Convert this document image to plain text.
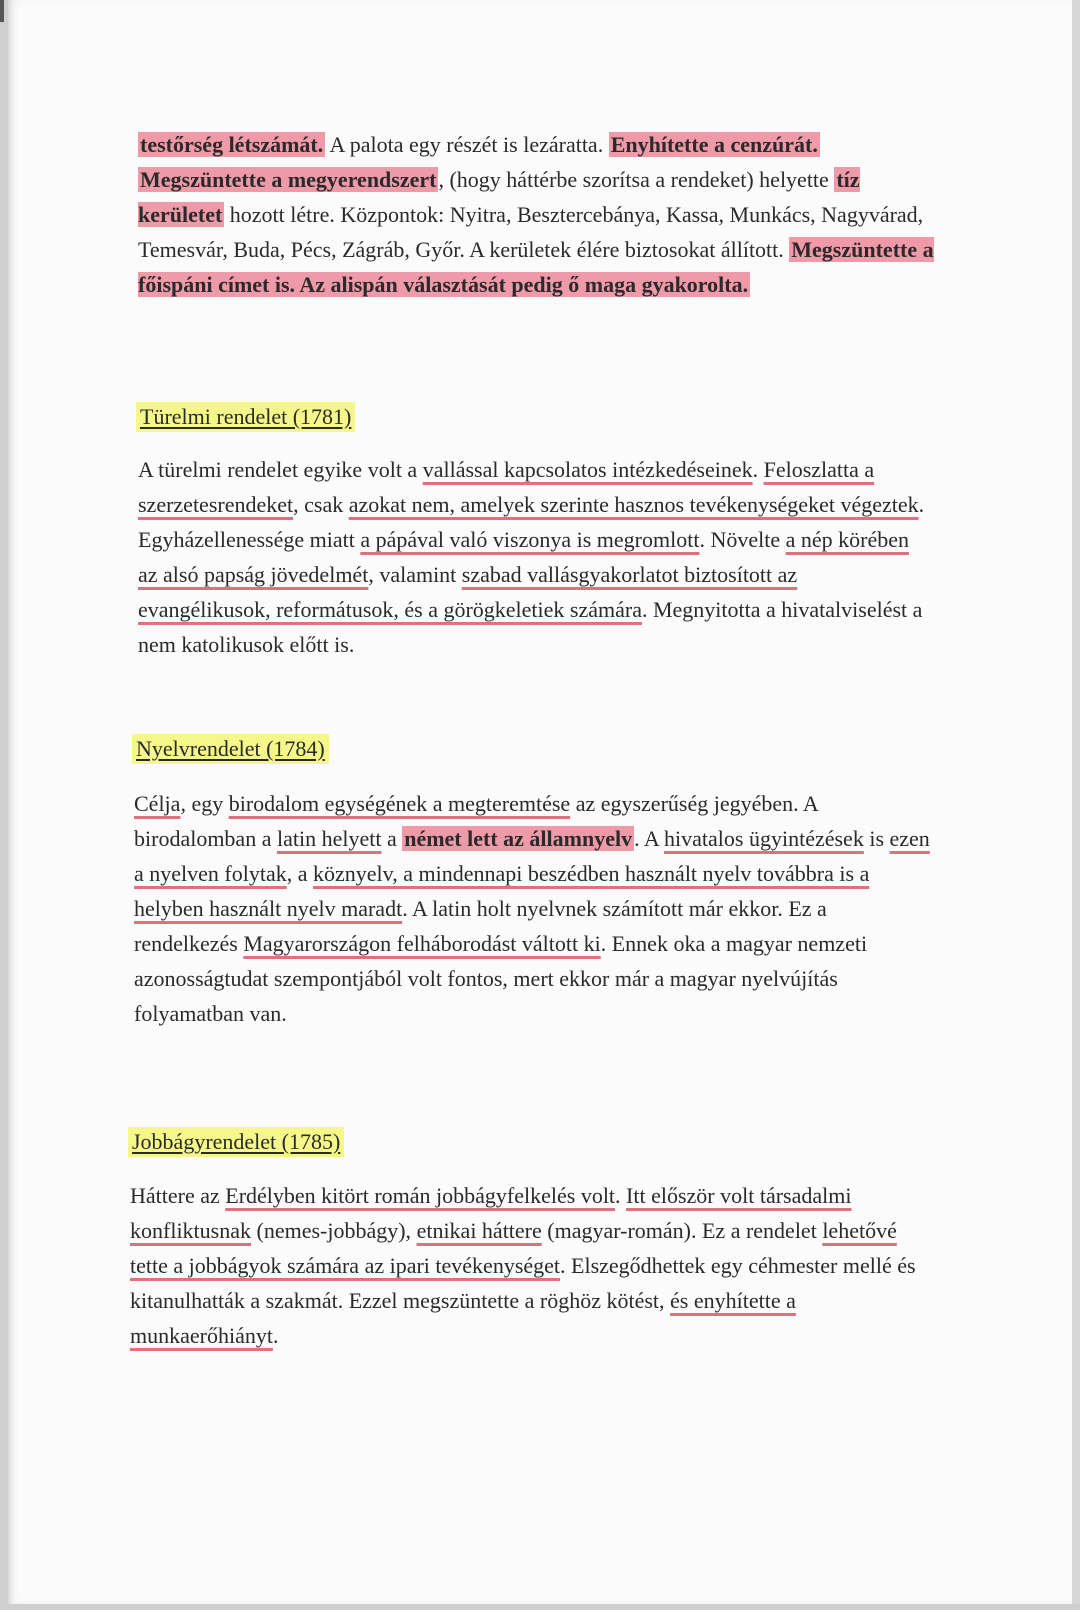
testőrség létszámát. A palota egy részét is lezáratta. Enyhítette a cenzúrát. Megszüntette a megyerendszert, (hogy háttérbe szorítsa a rendeket) helyette tíz kerületet hozott létre. Központok: Nyitra, Besztercebánya, Kassa, Munkács, Nagyvárad, Temesvár, Buda, Pécs, Zágráb, Győr. A kerületek élére biztosokat állított. Megszüntette a főispáni címet is. Az alispán választását pedig ő maga gyakorolta.

Türelmi rendelet (1781)

A türelmi rendelet egyike volt a vallással kapcsolatos intézkedéseinek. Feloszlatta a szerzetesrendeket, csak azokat nem, amelyek szerinte hasznos tevékenységeket végeztek. Egyházellenessége miatt a pápával való viszonya is megromlott. Növelte a nép körében az alsó papság jövedelmét, valamint szabad vallásgyakorlatot biztosított az evangélikusok, reformátusok, és a görögkeletiek számára. Megnyitotta a hivatalviselést a nem katolikusok előtt is.

Nyelvrendelet (1784)

Célja, egy birodalom egységének a megteremtése az egyszerűség jegyében. A birodalomban a latin helyett a német lett az államnyelv. A hivatalos ügyintézések is ezen a nyelven folytak, a köznyelv, a mindennapi beszédben használt nyelv továbbra is a helyben használt nyelv maradt. A latin holt nyelvnek számított már ekkor. Ez a rendelkezés Magyarországon felháborodást váltott ki. Ennek oka a magyar nemzeti azonosságtudat szempontjából volt fontos, mert ekkor már a magyar nyelvújítás folyamatban van.

Jobbágyrendelet (1785)

Háttere az Erdélyben kitört román jobbágyfelkelés volt. Itt először volt társadalmi konfliktusnak (nemes-jobbágy), etnikai háttere (magyar-román). Ez a rendelet lehetővé tette a jobbágyok számára az ipari tevékenységet. Elszegődhettek egy céhmester mellé és kitanulhatták a szakmát. Ezzel megszüntette a röghöz kötést, és enyhítette a munkaerőhiányt.
